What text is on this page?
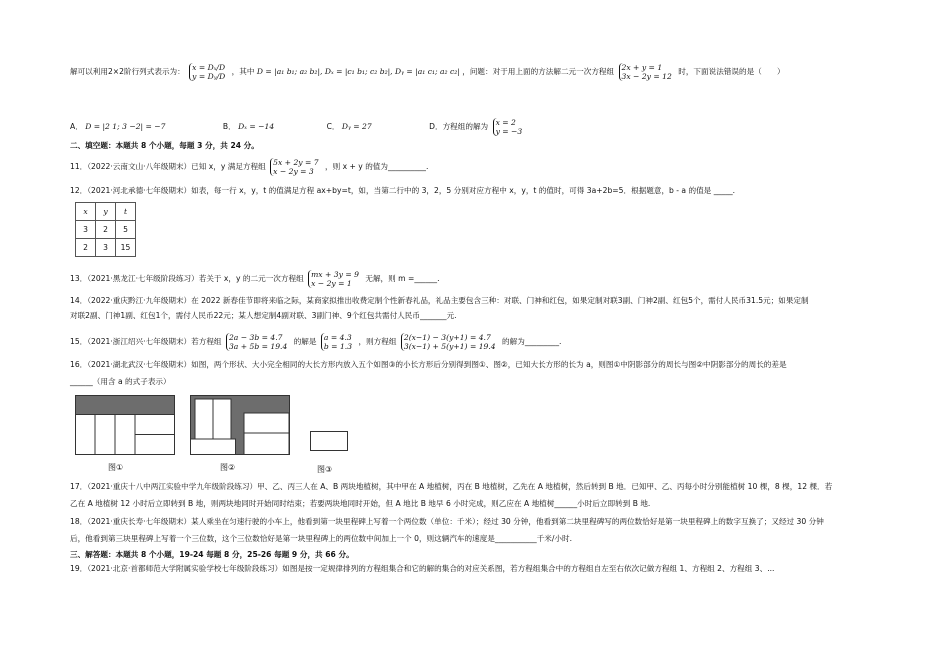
解可以利用2×2阶行列式表示为： x = Dₓ/D
y = Dᵧ/D ，其中 D = |a₁ b₁; a₂ b₂|, Dₓ = |c₁ b₁; c₂ b₂|, Dᵧ = |a₁ c₁; a₂ c₂| ，问题：对于用上面的方法解二元一次方程组 2x + y = 1
3x − 2y = 12 时，下面说法错误的是（　　）
A． D = |2 1; 3 −2| = −7	B． Dₓ = −14	C． Dᵧ = 27	D．方程组的解为 x = 2
y = −3
二、填空题：本题共 8 个小题，每题 3 分，共 24 分。
11．（2022·云南文山·八年级期末）已知 x，y 满足方程组 5x + 2y = 7
x − 2y = 3 ，则 x + y 的值为__________.
12．（2021·河北承德·七年级期末）如表，每一行 x，y，t 的值满足方程 ax+by=t，如，当第二行中的 3，2，5 分别对应方程中 x，y，t 的值时，可得 3a+2b=5．根据题意，b - a 的值是 _____.
x	y	t
3	2	5
2	3	15
13．（2021·黑龙江·七年级阶段练习）若关于 x，y 的二元一次方程组 mx + 3y = 9
x − 2y = 1 无解，则 m =______.
14．（2022·重庆黔江·九年级期末）在 2022 新春佳节即将来临之际，某商家拟推出收费定制个性新春礼品，礼品主要包含三种：对联、门神和红包，如果定制对联3副、门神2副、红包5个，需付人民币31.5元；如果定制
对联2副、门神1副、红包1个，需付人民币22元；某人想定制4副对联、3副门神、9个红包共需付人民币_______元.
15．（2021·浙江绍兴·七年级期末）若方程组 2a − 3b = 4.7
3a + 5b = 19.4 的解是 a = 4.3
b = 1.3 ，则方程组 2(x−1) − 3(y+1) = 4.7
3(x−1) + 5(y+1) = 19.4 的解为_________.
16．（2021·湖北武汉·七年级期末）如图，两个形状、大小完全相同的大长方形内放入五个如图③的小长方形后分别得到图①、图②，已知大长方形的长为 a，则图①中阴影部分的周长与图②中阴影部分的周长的差是
______（用含 a 的式子表示）
图①	图②	图③
17．（2021·重庆十八中两江实验中学九年级阶段练习）甲、乙、丙三人在 A、B 两块地植树，其中甲在 A 地植树，丙在 B 地植树，乙先在 A 地植树，然后转到 B 地．已知甲、乙、丙每小时分别能植树 10 棵，8 棵，12 棵．若
乙在 A 地植树 12 小时后立即转到 B 地，则两块地同时开始同时结束；若要两块地同时开始，但 A 地比 B 地早 6 小时完成，则乙应在 A 地植树______小时后立即转到 B 地.
18．（2021·重庆长寿·七年级期末）某人乘坐在匀速行驶的小车上，他看到第一块里程碑上写着一个两位数（单位：千米）；经过 30 分钟，他看到第二块里程碑写的两位数恰好是第一块里程碑上的数字互换了；又经过 30 分钟
后，他看到第三块里程碑上写着一个三位数，这个三位数恰好是第一块里程碑上的两位数中间加上一个 0，则这辆汽车的速度是___________千米/小时.
三、解答题：本题共 8 个小题，19-24 每题 8 分，25-26 每题 9 分，共 66 分。
19．（2021·北京·首都师范大学附属实验学校七年级阶段练习）如图是按一定规律排列的方程组集合和它的解的集合的对应关系图，若方程组集合中的方程组自左至右依次记做方程组 1、方程组 2、方程组 3、...
